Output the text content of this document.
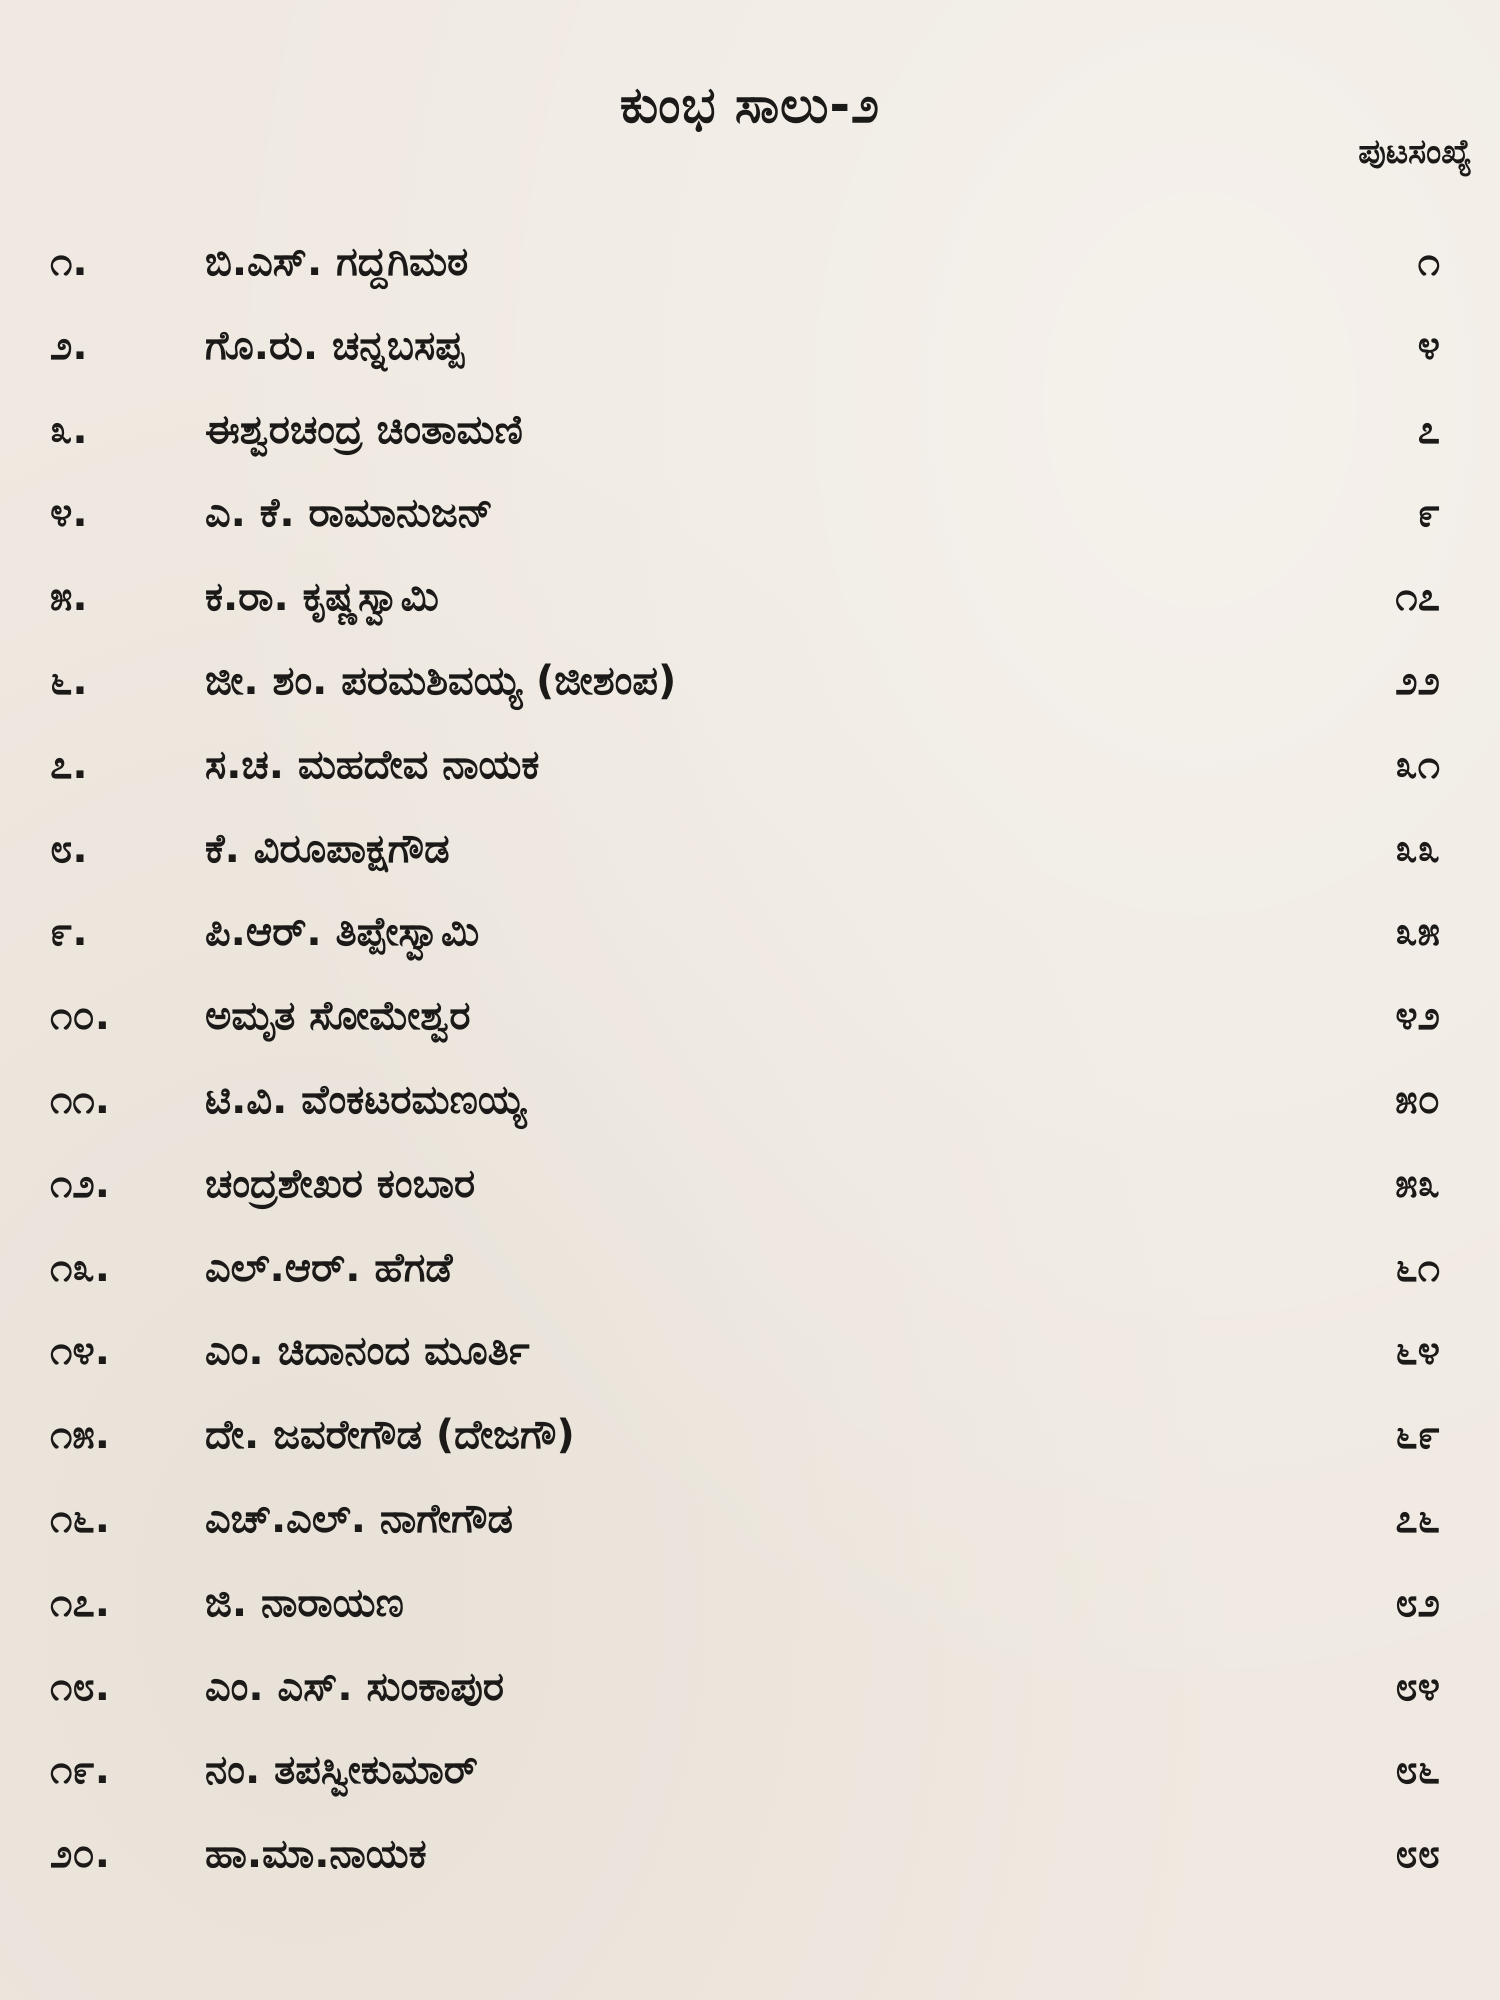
ಕುಂಭ ಸಾಲು-೨
ಪುಟಸಂಖ್ಯೆ
೧.	ಬಿ.ಎಸ್. ಗದ್ದಗಿಮಠ	೧
೨.	ಗೊ.ರು. ಚನ್ನಬಸಪ್ಪ	೪
೩.	ಈಶ್ವರಚಂದ್ರ ಚಿಂತಾಮಣಿ	೭
೪.	ಎ. ಕೆ. ರಾಮಾನುಜನ್	೯
೫.	ಕ.ರಾ. ಕೃಷ್ಣಸ್ವಾಮಿ	೧೭
೬.	ಜೀ. ಶಂ. ಪರಮಶಿವಯ್ಯ (ಜೀಶಂಪ)	೨೨
೭.	ಸ.ಚ. ಮಹದೇವ ನಾಯಕ	೩೧
೮.	ಕೆ. ವಿರೂಪಾಕ್ಷಗೌಡ	೩೩
೯.	ಪಿ.ಆರ್. ತಿಪ್ಪೇಸ್ವಾಮಿ	೩೫
೧೦.	ಅಮೃತ ಸೋಮೇಶ್ವರ	೪೨
೧೧.	ಟಿ.ವಿ. ವೆಂಕಟರಮಣಯ್ಯ	೫೦
೧೨.	ಚಂದ್ರಶೇಖರ ಕಂಬಾರ	೫೩
೧೩.	ಎಲ್.ಆರ್. ಹೆಗಡೆ	೬೧
೧೪.	ಎಂ. ಚಿದಾನಂದ ಮೂರ್ತಿ	೬೪
೧೫.	ದೇ. ಜವರೇಗೌಡ (ದೇಜಗೌ)	೬೯
೧೬.	ಎಚ್.ಎಲ್. ನಾಗೇಗೌಡ	೭೬
೧೭.	ಜಿ. ನಾರಾಯಣ	೮೨
೧೮.	ಎಂ. ಎಸ್. ಸುಂಕಾಪುರ	೮೪
೧೯.	ನಂ. ತಪಸ್ವೀಕುಮಾರ್	೮೬
೨೦.	ಹಾ.ಮಾ.ನಾಯಕ	೮೮
